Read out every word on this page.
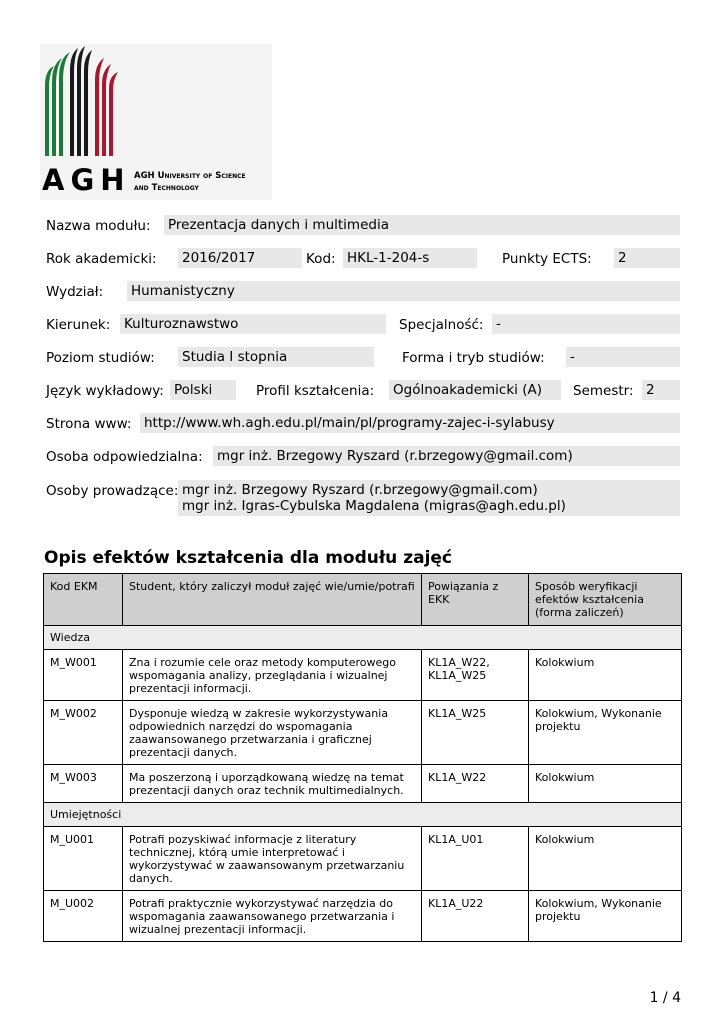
AGH AGH University of Science
and Technology
Nazwa modułu: Prezentacja danych i multimedia
Rok akademicki: 2016/2017	Kod: HKL-1-204-s	Punkty ECTS: 2
Wydział: Humanistyczny
Kierunek: Kulturoznawstwo	Specjalność: -
Poziom studiów: Studia I stopnia	Forma i tryb studiów: -
Język wykładowy: Polski	Profil kształcenia: Ogólnoakademicki (A)	Semestr: 2
Strona www: http://www.wh.agh.edu.pl/main/pl/programy-zajec-i-sylabusy
Osoba odpowiedzialna: mgr inż. Brzegowy Ryszard (r.brzegowy@gmail.com)
Osoby prowadzące: mgr inż. Brzegowy Ryszard (r.brzegowy@gmail.com)
mgr inż. Igras-Cybulska Magdalena (migras@agh.edu.pl)
Opis efektów kształcenia dla modułu zajęć
Kod EKM	Student, który zaliczył moduł zajęć wie/umie/potrafi	Powiązania z EKK	Sposób weryfikacji efektów kształcenia (forma zaliczeń)
Wiedza			
M_W001	Zna i rozumie cele oraz metody komputerowego wspomagania analizy, przeglądania i wizualnej prezentacji informacji.	KL1A_W22, KL1A_W25	Kolokwium
M_W002	Dysponuje wiedzą w zakresie wykorzystywania odpowiednich narzędzi do wspomagania zaawansowanego przetwarzania i graficznej prezentacji danych.	KL1A_W25	Kolokwium, Wykonanie projektu
M_W003	Ma poszerzoną i uporządkowaną wiedzę na temat prezentacji danych oraz technik multimedialnych.	KL1A_W22	Kolokwium
Umiejętności			
M_U001	Potrafi pozyskiwać informacje z literatury technicznej, którą umie interpretować i wykorzystywać w zaawansowanym przetwarzaniu danych.	KL1A_U01	Kolokwium
M_U002	Potrafi praktycznie wykorzystywać narzędzia do wspomagania zaawansowanego przetwarzania i wizualnej prezentacji informacji.	KL1A_U22	Kolokwium, Wykonanie projektu
1 / 4
